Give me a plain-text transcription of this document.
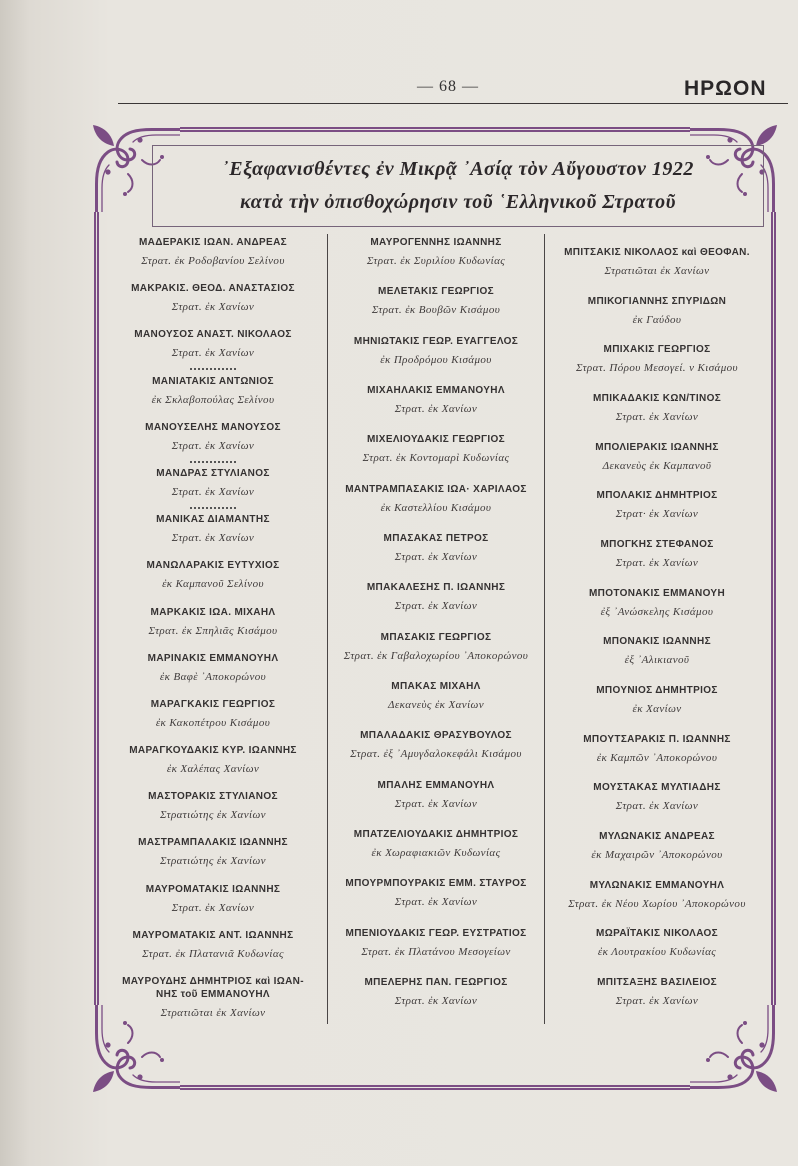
— 68 —	ΗΡΩΟΝ
᾿Εξαφανισθέντες ἐν Μικρᾷ ᾿Ασίᾳ τὸν Αὔγουστον 1922
κατὰ τὴν ὀπισθοχώρησιν τοῦ ῾Ελληνικοῦ Στρατοῦ
ΜΑΔΕΡΑΚΙΣ ΙΩΑΝ. ΑΝΔΡΕΑΣ
Στρατ. ἐκ Ροδοβανίου Σελίνου
ΜΑΚΡΑΚΙΣ. ΘΕΟΔ. ΑΝΑΣΤΑΣΙΟΣ
Στρατ. ἐκ Χανίων
ΜΑΝΟΥΣΟΣ ΑΝΑΣΤ. ΝΙΚΟΛΑΟΣ
Στρατ. ἐκ Χανίων
ΜΑΝΙΑΤΑΚΙΣ ΑΝΤΩΝΙΟΣ
ἐκ Σκλαβοπούλας Σελίνου
ΜΑΝΟΥΣΕΛΗΣ ΜΑΝΟΥΣΟΣ
Στρατ. ἐκ Χανίων
ΜΑΝΔΡΑΣ ΣΤΥΛΙΑΝΟΣ
Στρατ. ἐκ Χανίων
ΜΑΝΙΚΑΣ ΔΙΑΜΑΝΤΗΣ
Στρατ. ἐκ Χανίων
ΜΑΝΩΛΑΡΑΚΙΣ ΕΥΤΥΧΙΟΣ
ἐκ Καμπανοῦ Σελίνου
ΜΑΡΚΑΚΙΣ ΙΩΑ. ΜΙΧΑΗΛ
Στρατ. ἐκ Σπηλιᾶς Κισάμου
ΜΑΡΙΝΑΚΙΣ ΕΜΜΑΝΟΥΗΛ
ἐκ Βαφὲ ᾿Αποκορώνου
ΜΑΡΑΓΚΑΚΙΣ ΓΕΩΡΓΙΟΣ
ἐκ Κακοπέτρου Κισάμου
ΜΑΡΑΓΚΟΥΔΑΚΙΣ ΚΥΡ. ΙΩΑΝΝΗΣ
ἐκ Χαλέπας Χανίων
ΜΑΣΤΟΡΑΚΙΣ ΣΤΥΛΙΑΝΟΣ
Στρατιώτης ἐκ Χανίων
ΜΑΣΤΡΑΜΠΑΛΑΚΙΣ ΙΩΑΝΝΗΣ
Στρατιώτης ἐκ Χανίων
ΜΑΥΡΟΜΑΤΑΚΙΣ ΙΩΑΝΝΗΣ
Στρατ. ἐκ Χανίων
ΜΑΥΡΟΜΑΤΑΚΙΣ ΑΝΤ. ΙΩΑΝΝΗΣ
Στρατ. ἐκ Πλατανιᾶ Κυδωνίας
ΜΑΥΡΟΥΔΗΣ ΔΗΜΗΤΡΙΟΣ καὶ ΙΩΑΝ-
ΝΗΣ τοῦ ΕΜΜΑΝΟΥΗΛ
Στρατιῶται ἐκ Χανίων
ΜΑΥΡΟΓΕΝΝΗΣ ΙΩΑΝΝΗΣ
Στρατ. ἐκ Συριλίου Κυδωνίας
ΜΕΛΕΤΑΚΙΣ ΓΕΩΡΓΙΟΣ
Στρατ. ἐκ Βουβῶν Κισάμου
ΜΗΝΙΩΤΑΚΙΣ ΓΕΩΡ. ΕΥΑΓΓΕΛΟΣ
ἐκ Προδρόμου Κισάμου
ΜΙΧΑΗΛΑΚΙΣ ΕΜΜΑΝΟΥΗΛ
Στρατ. ἐκ Χανίων
ΜΙΧΕΛΙΟΥΔΑΚΙΣ ΓΕΩΡΓΙΟΣ
Στρατ. ἐκ Κοντομαρὶ Κυδωνίας
ΜΑΝΤΡΑΜΠΑΣΑΚΙΣ ΙΩΑ· ΧΑΡΙΛΑΟΣ
ἐκ Καστελλίου Κισάμου
ΜΠΑΣΑΚΑΣ ΠΕΤΡΟΣ
Στρατ. ἐκ Χανίων
ΜΠΑΚΑΛΕΣΗΣ Π. ΙΩΑΝΝΗΣ
Στρατ. ἐκ Χανίων
ΜΠΑΣΑΚΙΣ ΓΕΩΡΓΙΟΣ
Στρατ. ἐκ Γαβαλοχωρίου ᾿Αποκορώνου
ΜΠΑΚΑΣ ΜΙΧΑΗΛ
Δεκανεὺς ἐκ Χανίων
ΜΠΑΛΑΔΑΚΙΣ ΘΡΑΣΥΒΟΥΛΟΣ
Στρατ. ἐξ ᾿Αμυγδαλοκεφάλι Κισάμου
ΜΠΑΛΗΣ ΕΜΜΑΝΟΥΗΛ
Στρατ. ἐκ Χανίων
ΜΠΑΤΖΕΛΙΟΥΔΑΚΙΣ ΔΗΜΗΤΡΙΟΣ
ἐκ Χωραφιακιῶν Κυδωνίας
ΜΠΟΥΡΜΠΟΥΡΑΚΙΣ ΕΜΜ. ΣΤΑΥΡΟΣ
Στρατ. ἐκ Χανίων
ΜΠΕΝΙΟΥΔΑΚΙΣ ΓΕΩΡ. ΕΥΣΤΡΑΤΙΟΣ
Στρατ. ἐκ Πλατάνου Μεσογείων
ΜΠΕΛΕΡΗΣ ΠΑΝ. ΓΕΩΡΓΙΟΣ
Στρατ. ἐκ Χανίων
ΜΠΙΤΣΑΚΙΣ ΝΙΚΟΛΑΟΣ καὶ ΘΕΟΦΑΝ.
Στρατιῶται ἐκ Χανίων
ΜΠΙΚΟΓΙΑΝΝΗΣ ΣΠΥΡΙΔΩΝ
ἐκ Γαύδου
ΜΠΙΧΑΚΙΣ ΓΕΩΡΓΙΟΣ
Στρατ. Πόρου Μεσογεί. ν Κισάμου
ΜΠΙΚΑΔΑΚΙΣ ΚΩΝ/ΤΙΝΟΣ
Στρατ. ἐκ Χανίων
ΜΠΟΛΙΕΡΑΚΙΣ ΙΩΑΝΝΗΣ
Δεκανεὺς ἐκ Καμπανοῦ
ΜΠΟΛΑΚΙΣ ΔΗΜΗΤΡΙΟΣ
Στρατ· ἐκ Χανίων
ΜΠΟΓΚΗΣ ΣΤΕΦΑΝΟΣ
Στρατ. ἐκ Χανίων
ΜΠΟΤΟΝΑΚΙΣ ΕΜΜΑΝΟΥΗ
ἐξ ᾿Ανώσκελης Κισάμου
ΜΠΟΝΑΚΙΣ ΙΩΑΝΝΗΣ
ἐξ ᾿Αλικιανοῦ
ΜΠΟΥΝΙΟΣ ΔΗΜΗΤΡΙΟΣ
ἐκ Χανίων
ΜΠΟΥΤΣΑΡΑΚΙΣ Π. ΙΩΑΝΝΗΣ
ἐκ Καμπῶν ᾿Αποκορώνου
ΜΟΥΣΤΑΚΑΣ ΜΥΛΤΙΑΔΗΣ
Στρατ. ἐκ Χανίων
ΜΥΛΩΝΑΚΙΣ ΑΝΔΡΕΑΣ
ἐκ Μαχαιρῶν ᾿Αποκορώνου
ΜΥΛΩΝΑΚΙΣ ΕΜΜΑΝΟΥΗΛ
Στρατ. ἐκ Νέου Χωρίου ᾿Αποκορώνου
ΜΩΡΑΪΤΑΚΙΣ ΝΙΚΟΛΑΟΣ
ἐκ Λουτρακίου Κυδωνίας
ΜΠΙΤΣΑΞΗΣ ΒΑΣΙΛΕΙΟΣ
Στρατ. ἐκ Χανίων
